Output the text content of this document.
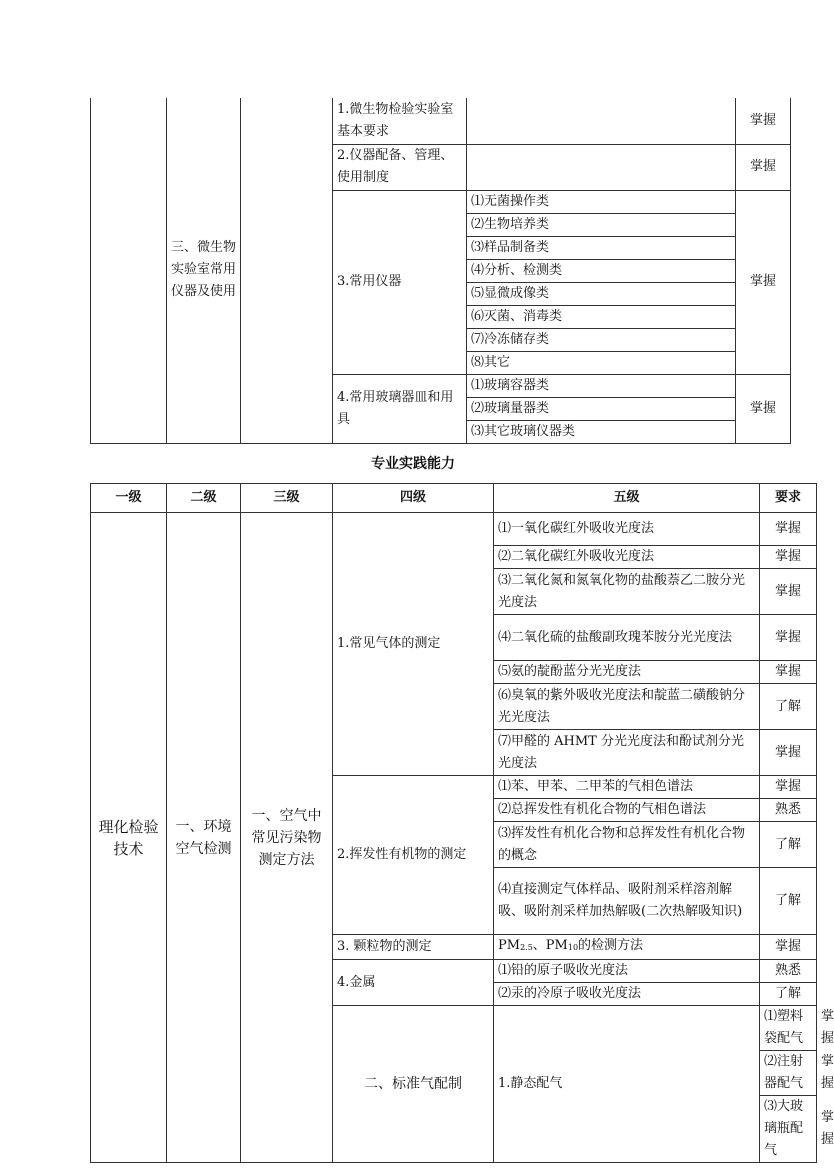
	三、微生物实验室常用仪器及使用		1.微生物检验实验室基本要求		掌握
			2.仪器配备、管理、使用制度		掌握
			3.常用仪器	⑴无菌操作类	掌握
				⑵生物培养类	
				⑶样品制备类	
				⑷分析、检测类	
				⑸显微成像类	
				⑹灭菌、消毒类	
				⑺冷冻储存类	
				⑻其它	
			4.常用玻璃器皿和用具	⑴玻璃容器类	掌握
				⑵玻璃量器类	
				⑶其它玻璃仪器类	
专业实践能力
一级	二级	三级	四级	五级	要求	
理化检验技术	一、环境空气检测	一、空气中常见污染物测定方法	1.常见气体的测定	⑴一氧化碳红外吸收光度法	掌握	
				⑵二氧化碳红外吸收光度法	掌握	
				⑶二氧化氮和氮氧化物的盐酸萘乙二胺分光光度法	掌握	
				⑷二氧化硫的盐酸副玫瑰苯胺分光光度法	掌握	
				⑸氨的靛酚蓝分光光度法	掌握	
				⑹臭氧的紫外吸收光度法和靛蓝二磺酸钠分光光度法	了解	
				⑺甲醛的 AHMT 分光光度法和酚试剂分光光度法	掌握	
			2.挥发性有机物的测定	⑴苯、甲苯、二甲苯的气相色谱法	掌握	
				⑵总挥发性有机化合物的气相色谱法	熟悉	
				⑶挥发性有机化合物和总挥发性有机化合物的概念	了解	
				⑷直接测定气体样品、吸附剂采样溶剂解吸、吸附剂采样加热解吸(二次热解吸知识)	了解	
			3. 颗粒物的测定	$PM_{2.5}$、$PM_{10}$的检测方法	掌握	
			4.金属	⑴铅的原子吸收光度法	熟悉	
				⑵汞的冷原子吸收光度法	了解	
			二、标准气配制	1.静态配气	⑴塑料袋配气	掌握
					⑵注射器配气	掌握
					⑶大玻璃瓶配气	掌握
